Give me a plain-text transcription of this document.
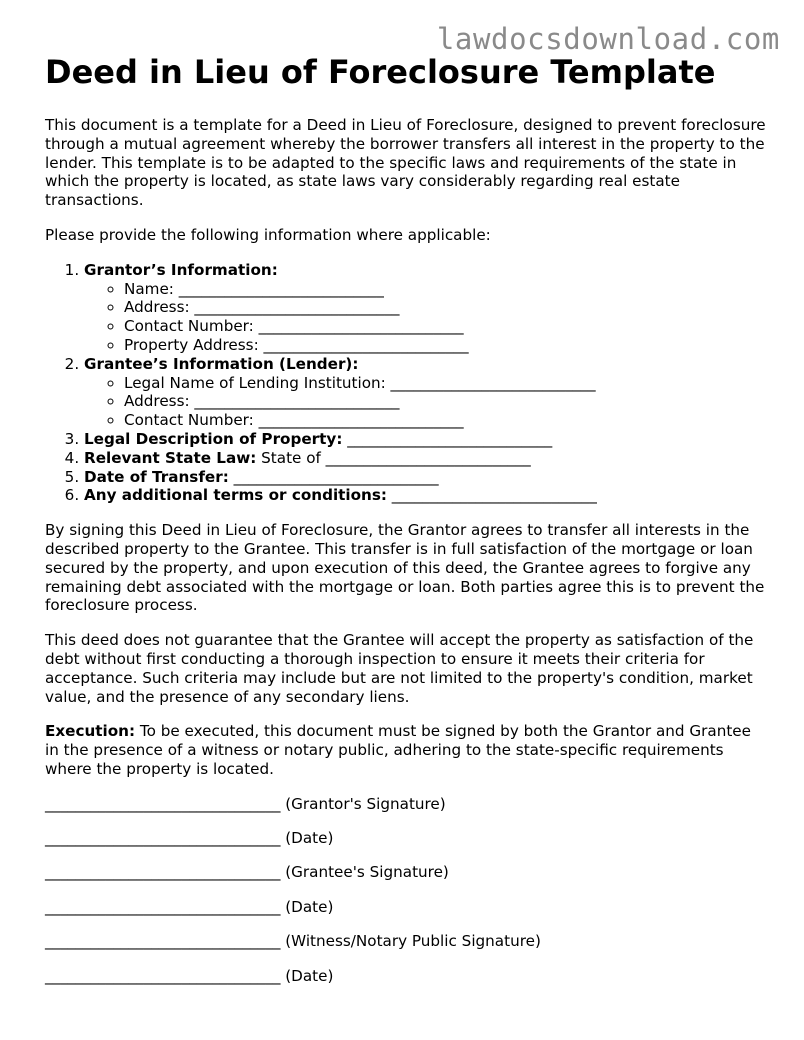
lawdocsdownload.com
Deed in Lieu of Foreclosure Template

This document is a template for a Deed in Lieu of Foreclosure, designed to prevent foreclosure through a mutual agreement whereby the borrower transfers all interest in the property to the lender. This template is to be adapted to the specific laws and requirements of the state in which the property is located, as state laws vary considerably regarding real estate transactions.

Please provide the following information where applicable:

1. Grantor’s Information:
◦ Name: ___________________________
◦ Address: ___________________________
◦ Contact Number: ___________________________
◦ Property Address: ___________________________
2. Grantee’s Information (Lender):
◦ Legal Name of Lending Institution: ___________________________
◦ Address: ___________________________
◦ Contact Number: ___________________________
3. Legal Description of Property: ___________________________
4. Relevant State Law: State of ___________________________
5. Date of Transfer: ___________________________
6. Any additional terms or conditions: ___________________________

By signing this Deed in Lieu of Foreclosure, the Grantor agrees to transfer all interests in the described property to the Grantee. This transfer is in full satisfaction of the mortgage or loan secured by the property, and upon execution of this deed, the Grantee agrees to forgive any remaining debt associated with the mortgage or loan. Both parties agree this is to prevent the foreclosure process.

This deed does not guarantee that the Grantee will accept the property as satisfaction of the debt without first conducting a thorough inspection to ensure it meets their criteria for acceptance. Such criteria may include but are not limited to the property's condition, market value, and the presence of any secondary liens.

Execution: To be executed, this document must be signed by both the Grantor and Grantee in the presence of a witness or notary public, adhering to the state-specific requirements where the property is located.

_______________________________ (Grantor's Signature)
_______________________________ (Date)
_______________________________ (Grantee's Signature)
_______________________________ (Date)
_______________________________ (Witness/Notary Public Signature)
_______________________________ (Date)
